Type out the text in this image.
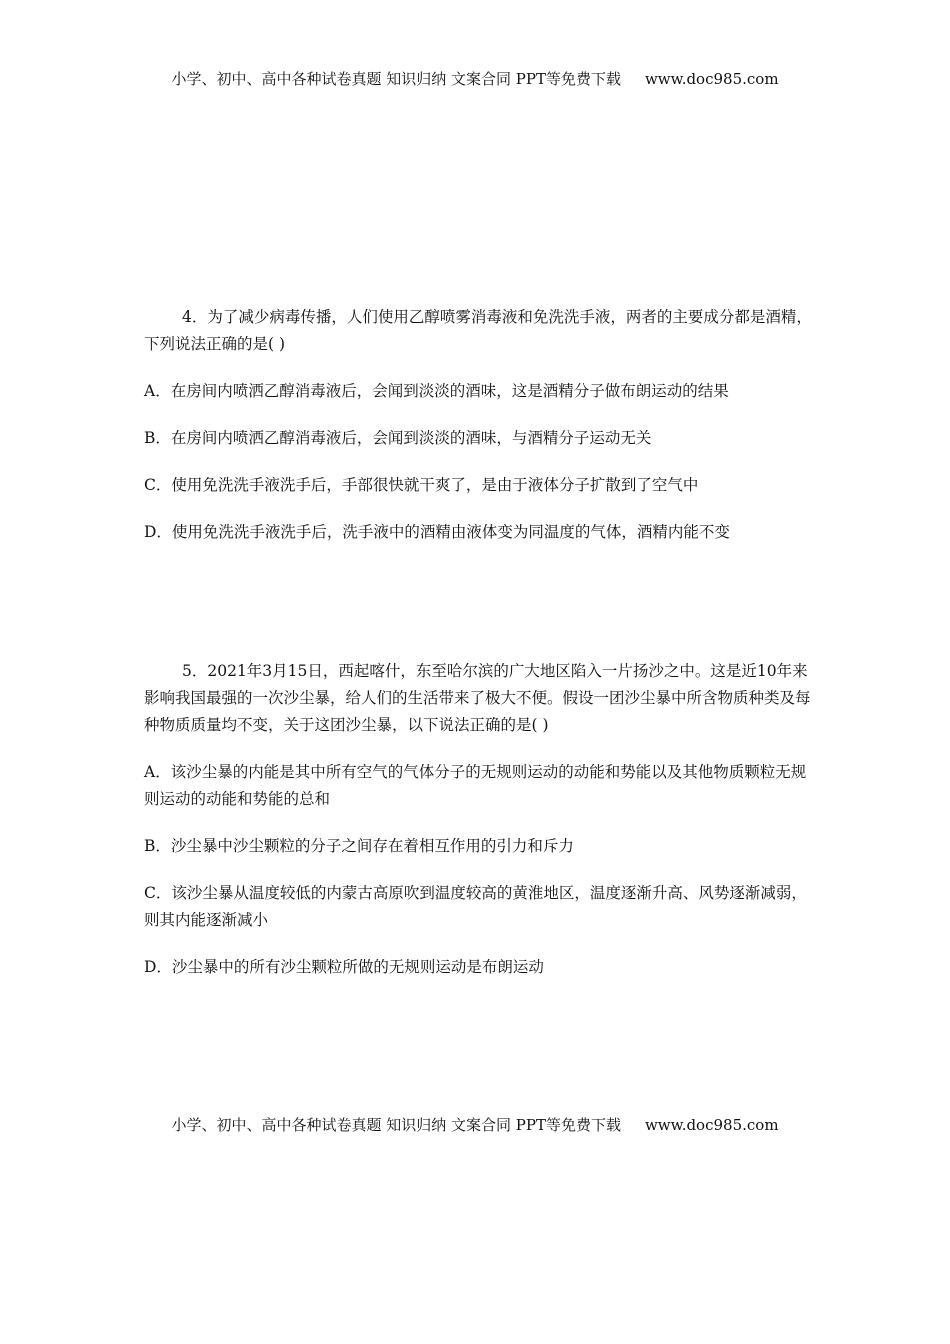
小学、初中、高中各种试卷真题 知识归纳 文案合同 PPT等免费下载 www.doc985.com

4．为了减少病毒传播，人们使用乙醇喷雾消毒液和免洗洗手液，两者的主要成分都是酒精，下列说法正确的是( )

A．在房间内喷洒乙醇消毒液后，会闻到淡淡的酒味，这是酒精分子做布朗运动的结果

B．在房间内喷洒乙醇消毒液后，会闻到淡淡的酒味，与酒精分子运动无关

C．使用免洗洗手液洗手后，手部很快就干爽了，是由于液体分子扩散到了空气中

D．使用免洗洗手液洗手后，洗手液中的酒精由液体变为同温度的气体，酒精内能不变

5．2021年3月15日，西起喀什，东至哈尔滨的广大地区陷入一片扬沙之中。这是近10年来影响我国最强的一次沙尘暴，给人们的生活带来了极大不便。假设一团沙尘暴中所含物质种类及每种物质质量均不变，关于这团沙尘暴，以下说法正确的是( )

A．该沙尘暴的内能是其中所有空气的气体分子的无规则运动的动能和势能以及其他物质颗粒无规则运动的动能和势能的总和

B．沙尘暴中沙尘颗粒的分子之间存在着相互作用的引力和斥力

C．该沙尘暴从温度较低的内蒙古高原吹到温度较高的黄淮地区，温度逐渐升高、风势逐渐减弱，则其内能逐渐减小

D．沙尘暴中的所有沙尘颗粒所做的无规则运动是布朗运动

小学、初中、高中各种试卷真题 知识归纳 文案合同 PPT等免费下载 www.doc985.com
